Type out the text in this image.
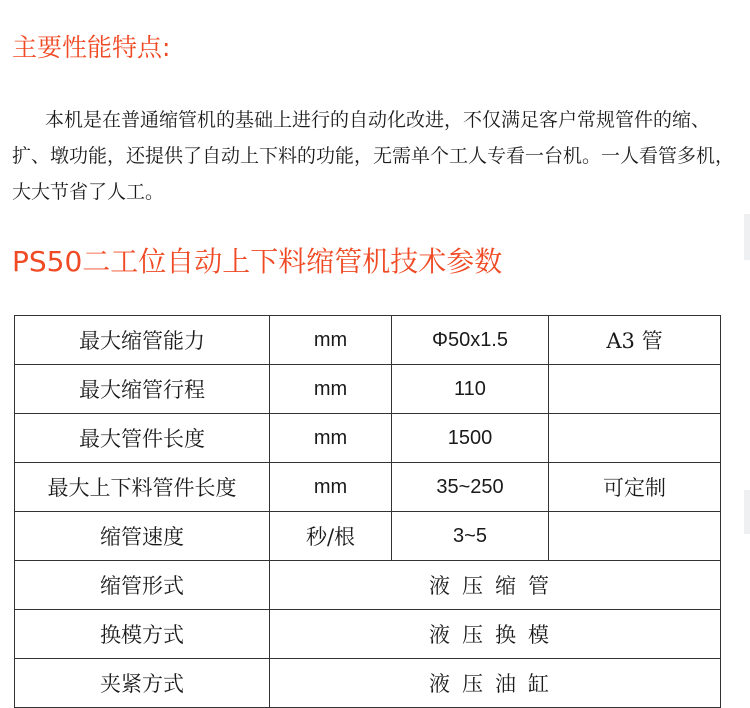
主要性能特点:

本机是在普通缩管机的基础上进行的自动化改进，不仅满足客户常规管件的缩、扩、墩功能，还提供了自动上下料的功能，无需单个工人专看一台机。一人看管多机，大大节省了人工。

PS50二工位自动上下料缩管机技术参数
最大缩管能力	mm	Φ50x1.5	A3 管
最大缩管行程	mm	110	
最大管件长度	mm	1500	
最大上下料管件长度	mm	35~250	可定制
缩管速度	秒/根	3~5	
缩管形式	液压缩管		
换模方式	液压换模		
夹紧方式	液压油缸		
